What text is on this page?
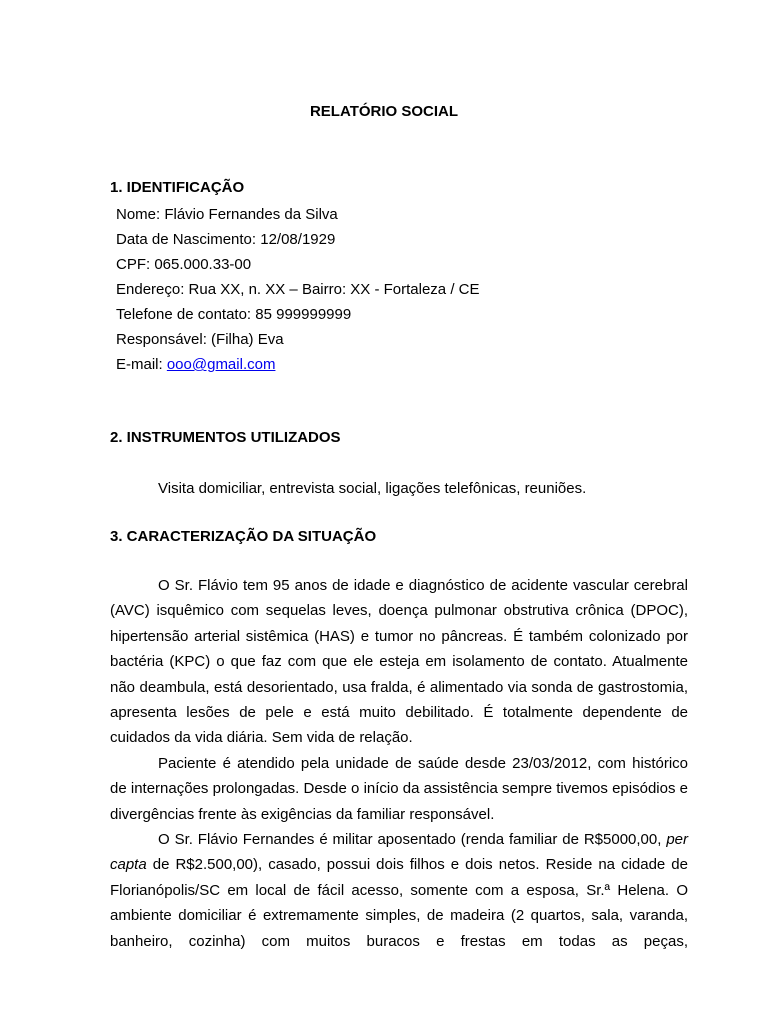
RELATÓRIO SOCIAL
1. IDENTIFICAÇÃO
Nome: Flávio Fernandes da Silva
Data de Nascimento: 12/08/1929
CPF: 065.000.33-00
Endereço: Rua XX, n. XX – Bairro: XX - Fortaleza / CE
Telefone de contato: 85 999999999
Responsável: (Filha) Eva
E-mail: ooo@gmail.com
2. INSTRUMENTOS UTILIZADOS
Visita domiciliar, entrevista social, ligações telefônicas, reuniões.
3. CARACTERIZAÇÃO DA SITUAÇÃO

O Sr. Flávio tem 95 anos de idade e diagnóstico de acidente vascular cerebral (AVC) isquêmico com sequelas leves, doença pulmonar obstrutiva crônica (DPOC), hipertensão arterial sistêmica (HAS) e tumor no pâncreas. É também colonizado por bactéria (KPC) o que faz com que ele esteja em isolamento de contato. Atualmente não deambula, está desorientado, usa fralda, é alimentado via sonda de gastrostomia, apresenta lesões de pele e está muito debilitado. É totalmente dependente de cuidados da vida diária. Sem vida de relação.

Paciente é atendido pela unidade de saúde desde 23/03/2012, com histórico de internações prolongadas. Desde o início da assistência sempre tivemos episódios e divergências frente às exigências da familiar responsável.

O Sr. Flávio Fernandes é militar aposentado (renda familiar de R$5000,00, per capta de R$2.500,00), casado, possui dois filhos e dois netos. Reside na cidade de Florianópolis/SC em local de fácil acesso, somente com a esposa, Sr.ª Helena. O ambiente domiciliar é extremamente simples, de madeira (2 quartos, sala, varanda, banheiro, cozinha) com muitos buracos e frestas em todas as peças,
